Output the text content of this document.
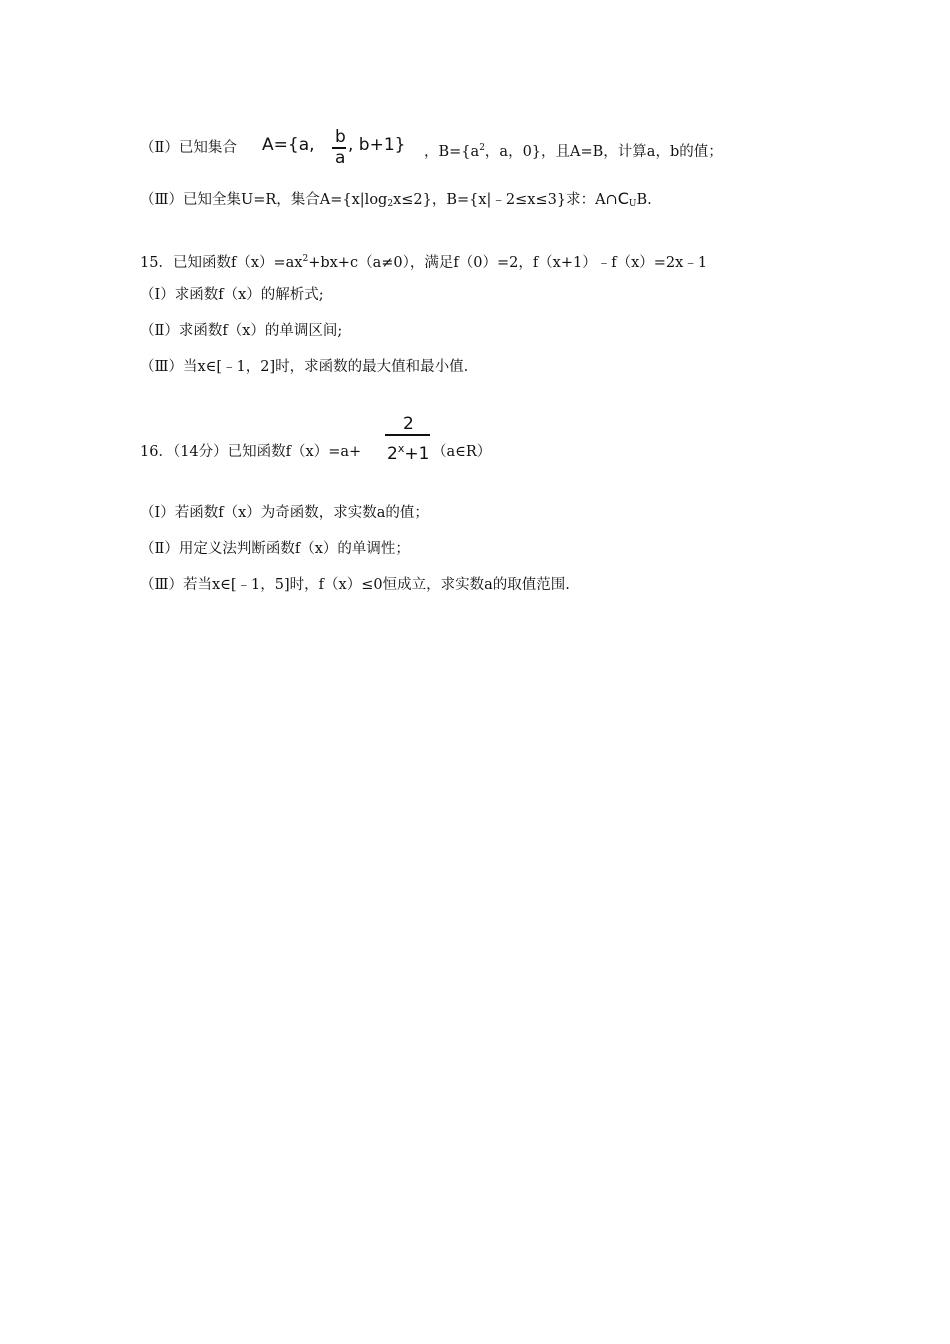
（Ⅱ）已知集合 A={a, b
a
, b+1} ，$B=\{a^2$，a，0}，且A=B，计算a，b的值；
（Ⅲ）已知全集U=R，集合$A=\{x|\log_2x\le 2\}$，B={x|﹣2≤x≤3}求：$A\cap C_UB$.
15．已知函数$f(x)=ax^2+bx+c(a\ne 0)$，满足f（0）=2，f（x+1）﹣f（x）=2x﹣1
（Ⅰ）求函数f（x）的解析式;
（Ⅱ）求函数f（x）的单调区间;
（Ⅲ）当x∈[﹣1，2]时，求函数的最大值和最小值.
16．（14分）已知函数f（x）=a+
2
$2^x+1$ （a∈R）
（Ⅰ）若函数f（x）为奇函数，求实数a的值；
（Ⅱ）用定义法判断函数f（x）的单调性；
（Ⅲ）若当x∈[﹣1，5]时，f（x）≤0恒成立，求实数a的取值范围.
